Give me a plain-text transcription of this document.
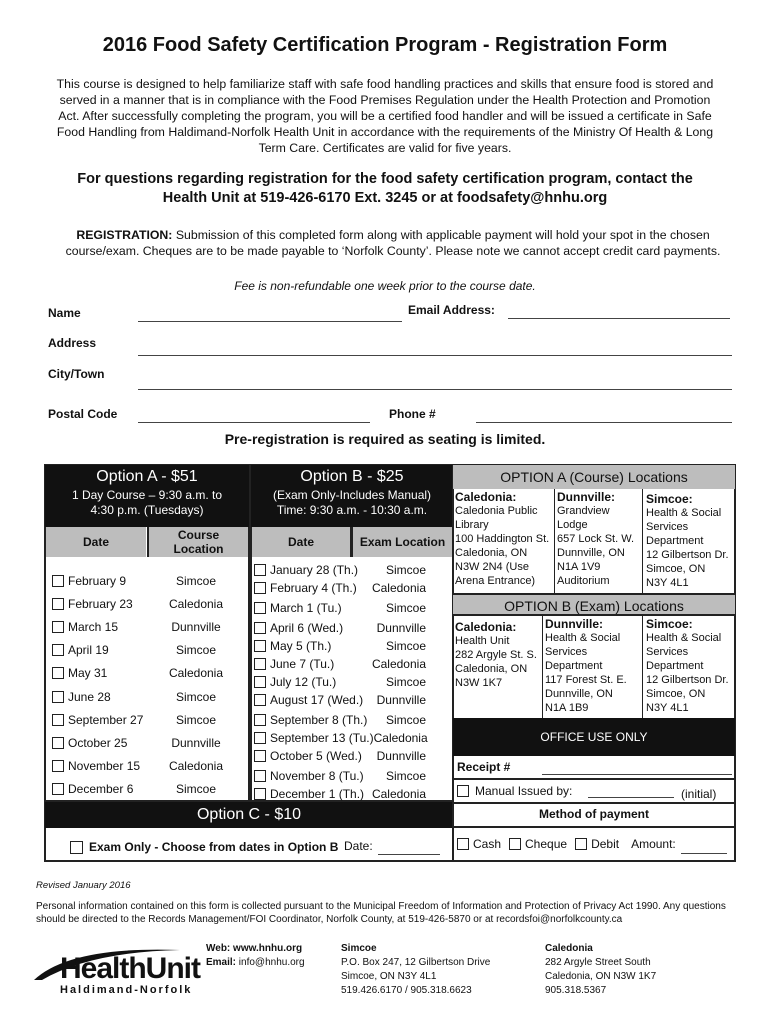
2016 Food Safety Certification Program - Registration Form
This course is designed to help familiarize staff with safe food handling practices and skills that ensure food is stored and served in a manner that is in compliance with the Food Premises Regulation under the Health Protection and Promotion Act. After successfully completing the program, you will be a certified food handler and will be issued a certificate in Safe Food Handling from Haldimand-Norfolk Health Unit in accordance with the requirements of the Ministry Of Health & Long Term Care. Certificates are valid for five years.
For questions regarding registration for the food safety certification program, contact the
Health Unit at 519-426-6170 Ext. 3245 or at foodsafety@hnhu.org
REGISTRATION: Submission of this completed form along with applicable payment will hold your spot in the chosen course/exam. Cheques are to be made payable to ‘Norfolk County’. Please note we cannot accept credit card payments.
Fee is non-refundable one week prior to the course date.
Name	Email Address:
Address
City/Town
Postal Code	Phone #
Pre-registration is required as seating is limited.
Option A - $51
1 Day Course – 9:30 a.m. to
4:30 p.m. (Tuesdays)
Date	Course
Location
February 9	Simcoe
February 23	Caledonia
March 15	Dunnville
April 19	Simcoe
May 31	Caledonia
June 28	Simcoe
September 27	Simcoe
October 25	Dunnville
November 15	Caledonia
December 6	Simcoe
Option B - $25
(Exam Only-Includes Manual)
Time: 9:30 a.m. - 10:30 a.m.
Date	Exam Location
January 28 (Th.)	Simcoe
February 4 (Th.)	Caledonia
March 1 (Tu.)	Simcoe
April 6 (Wed.)	Dunnville
May 5 (Th.)	Simcoe
June 7 (Tu.)	Caledonia
July 12 (Tu.)	Simcoe
August 17 (Wed.)	Dunnville
September 8 (Th.)	Simcoe
September 13 (Tu.) Caledonia
October 5 (Wed.)	Dunnville
November 8 (Tu.)	Simcoe
December 1 (Th.) Caledonia
Option C - $10
Exam Only - Choose from dates in Option B Date:
OPTION A (Course) Locations
Caledonia:
Caledonia Public
Library
100 Haddington St.
Caledonia, ON
N3W 2N4 (Use
Arena Entrance)
Dunnville:
Grandview
Lodge
657 Lock St. W.
Dunnville, ON
N1A 1V9
Auditorium
Simcoe:
Health & Social
Services
Department
12 Gilbertson Dr.
Simcoe, ON
N3Y 4L1
OPTION B (Exam) Locations
Caledonia:
Health Unit
282 Argyle St. S.
Caledonia, ON
N3W 1K7
Dunnville:
Health & Social
Services
Department
117 Forest St. E.
Dunnville, ON
N1A 1B9
Simcoe:
Health & Social
Services
Department
12 Gilbertson Dr.
Simcoe, ON
N3Y 4L1
OFFICE USE ONLY
Receipt #
Manual Issued by:	(initial)
Method of payment
Cash Cheque Debit Amount:
Revised January 2016
Personal information contained on this form is collected pursuant to the Municipal Freedom of Information and Protection of Privacy Act 1990. Any questions should be directed to the Records Management/FOI Coordinator, Norfolk County, at 519-426-5870 or at recordsfoi@norfolkcounty.ca
HealthUnit
Haldimand-Norfolk
Web: www.hnhu.org
Email: info@hnhu.org
Simcoe
P.O. Box 247, 12 Gilbertson Drive
Simcoe, ON N3Y 4L1
519.426.6170 / 905.318.6623
Caledonia
282 Argyle Street South
Caledonia, ON N3W 1K7
905.318.5367
